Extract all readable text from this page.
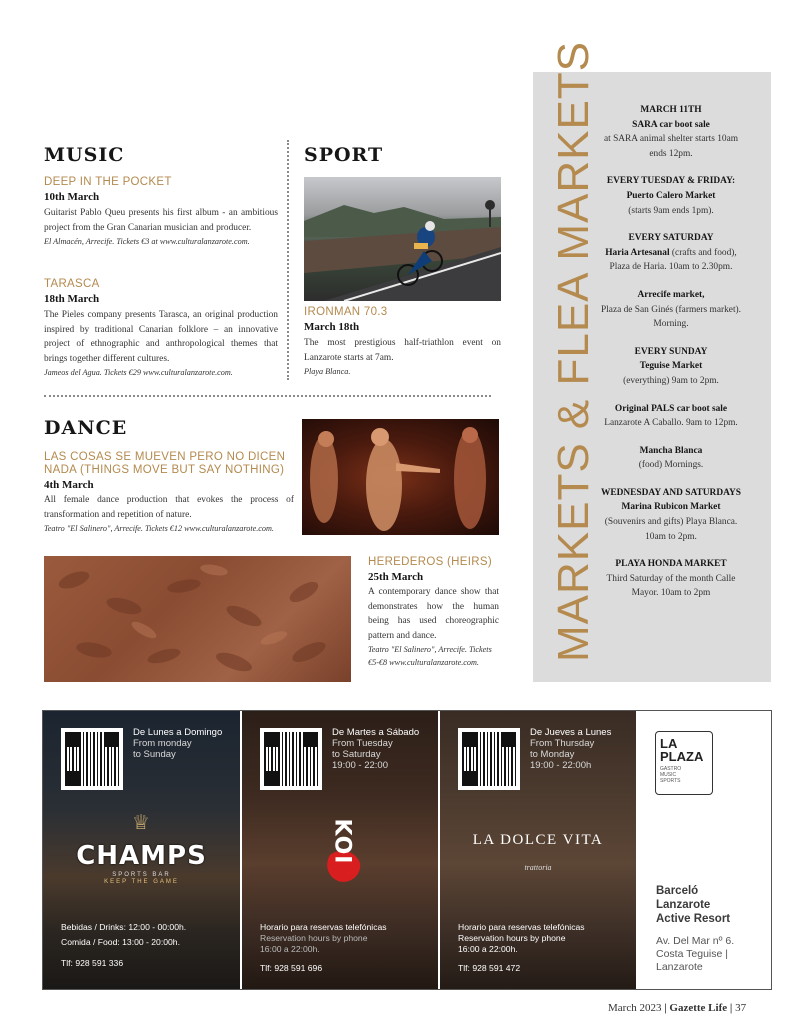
MUSIC
DEEP IN THE POCKET
10th March
Guitarist Pablo Queu presents his first album - an ambitious project from the Gran Canarian musician and producer.
El Almacén, Arrecife. Tickets €3 at www.culturalanzarote.com.
TARASCA
18th March
The Pieles company presents Tarasca, an original production inspired by traditional Canarian folklore – an innovative project of ethnographic and anthropological themes that brings together different cultures.
Jameos del Agua. Tickets €29 www.culturalanzarote.com.
SPORT
IRONMAN 70.3
March 18th
The most prestigious half-triathlon event on Lanzarote starts at 7am.
Playa Blanca.
DANCE
LAS COSAS SE MUEVEN PERO NO DICEN NADA (THINGS MOVE BUT SAY NOTHING)
4th March
All female dance production that evokes the process of transformation and repetition of nature.
Teatro "El Salinero", Arrecife. Tickets €12 www.culturalanzarote.com.
HEREDEROS (HEIRS)
25th March
A contemporary dance show that demonstrates how the human being has used choreographic pattern and dance.
Teatro "El Salinero", Arrecife. Tickets €5-€8 www.culturalanzarote.com.
MARKETS & FLEA MARKETS	MARCH 11TH
SARA car boot sale
at SARA animal shelter starts 10am ends 12pm.
EVERY TUESDAY & FRIDAY:
Puerto Calero Market
(starts 9am ends 1pm).
EVERY SATURDAY
Haria Artesanal (crafts and food), Plaza de Haria. 10am to 2.30pm.
Arrecife market,
Plaza de San Ginés (farmers market). Morning.
EVERY SUNDAY
Teguise Market
(everything) 9am to 2pm.
Original PALS car boot sale
Lanzarote A Caballo. 9am to 12pm.
Mancha Blanca
(food) Mornings.
WEDNESDAY AND SATURDAYS
Marina Rubicon Market
(Souvenirs and gifts) Playa Blanca. 10am to 2pm.
PLAYA HONDA MARKET
Third Saturday of the month Calle Mayor. 10am to 2pm
De Lunes a Domingo
From monday
to Sunday
♕
CHAMPS
SPORTS BAR
KEEP THE GAME
Bebidas / Drinks: 12:00 - 00:00h.
Comida / Food: 13:00 - 20:00h.
Tlf: 928 591 336
De Martes a Sábado
From Tuesday
to Saturday
19:00 - 22:00
KOI
Horario para reservas telefónicas
Reservation hours by phone
16:00 a 22:00h.
Tlf: 928 591 696
De Jueves a Lunes
From Thursday
to Monday
19:00 - 22:00h
LA DOLCE VITA
trattoria
Horario para reservas telefónicas
Reservation hours by phone
16:00 a 22:00h.
Tlf: 928 591 472
LA
PLAZA
GASTRO MUSIC SPORTS
Barceló
Lanzarote
Active Resort
Av. Del Mar nº 6.
Costa Teguise |
Lanzarote
March 2023 | Gazette Life | 37
